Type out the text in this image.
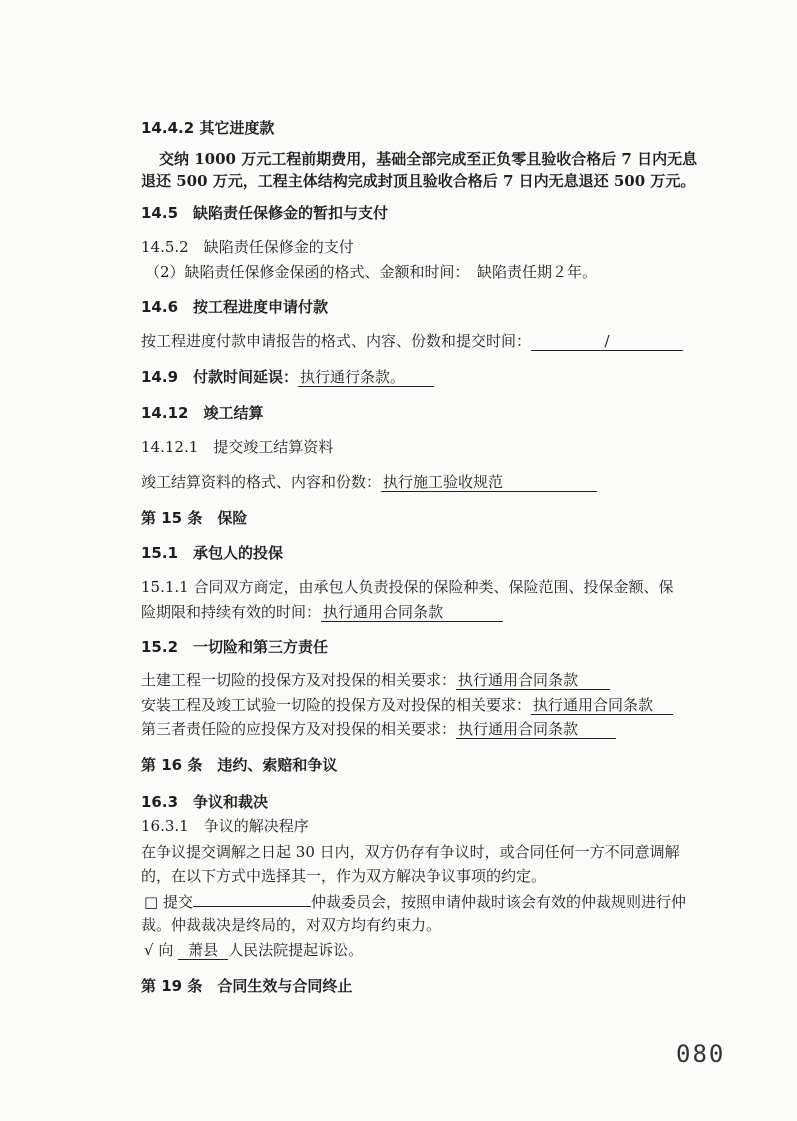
14.4.2 其它进度款
交纳 1000 万元工程前期费用，基础全部完成至正负零且验收合格后 7 日内无息
退还 500 万元，工程主体结构完成封顶且验收合格后 7 日内无息退还 500 万元。
14.5　缺陷责任保修金的暂扣与支付
14.5.2　缺陷责任保修金的支付
（2）缺陷责任保修金保函的格式、金额和时间：　缺陷责任期２年。
14.6　按工程进度申请付款
按工程进度付款申请报告的格式、内容、份数和提交时间：	/
14.9　付款时间延误： 执行通行条款。
14.12　竣工结算
14.12.1　提交竣工结算资料
竣工结算资料的格式、内容和份数： 执行施工验收规范
第 15 条　保险
15.1　承包人的投保
15.1.1 合同双方商定，由承包人负责投保的保险种类、保险范围、投保金额、保
险期限和持续有效的时间： 执行通用合同条款
15.2　一切险和第三方责任
土建工程一切险的投保方及对投保的相关要求： 执行通用合同条款
安装工程及竣工试验一切险的投保方及对投保的相关要求： 执行通用合同条款
第三者责任险的应投保方及对投保的相关要求： 执行通用合同条款
第 16 条　违约、索赔和争议
16.3　争议和裁决
16.3.1　争议的解决程序
在争议提交调解之日起 30 日内，双方仍存有争议时，或合同任何一方不同意调解
的，在以下方式中选择其一，作为双方解决争议事项的约定。
□ 提交	仲裁委员会，按照申请仲裁时该会有效的仲裁规则进行仲
裁。仲裁裁决是终局的，对双方均有约束力。
√ 向 萧县 人民法院提起诉讼。
第 19 条　合同生效与合同终止
080
